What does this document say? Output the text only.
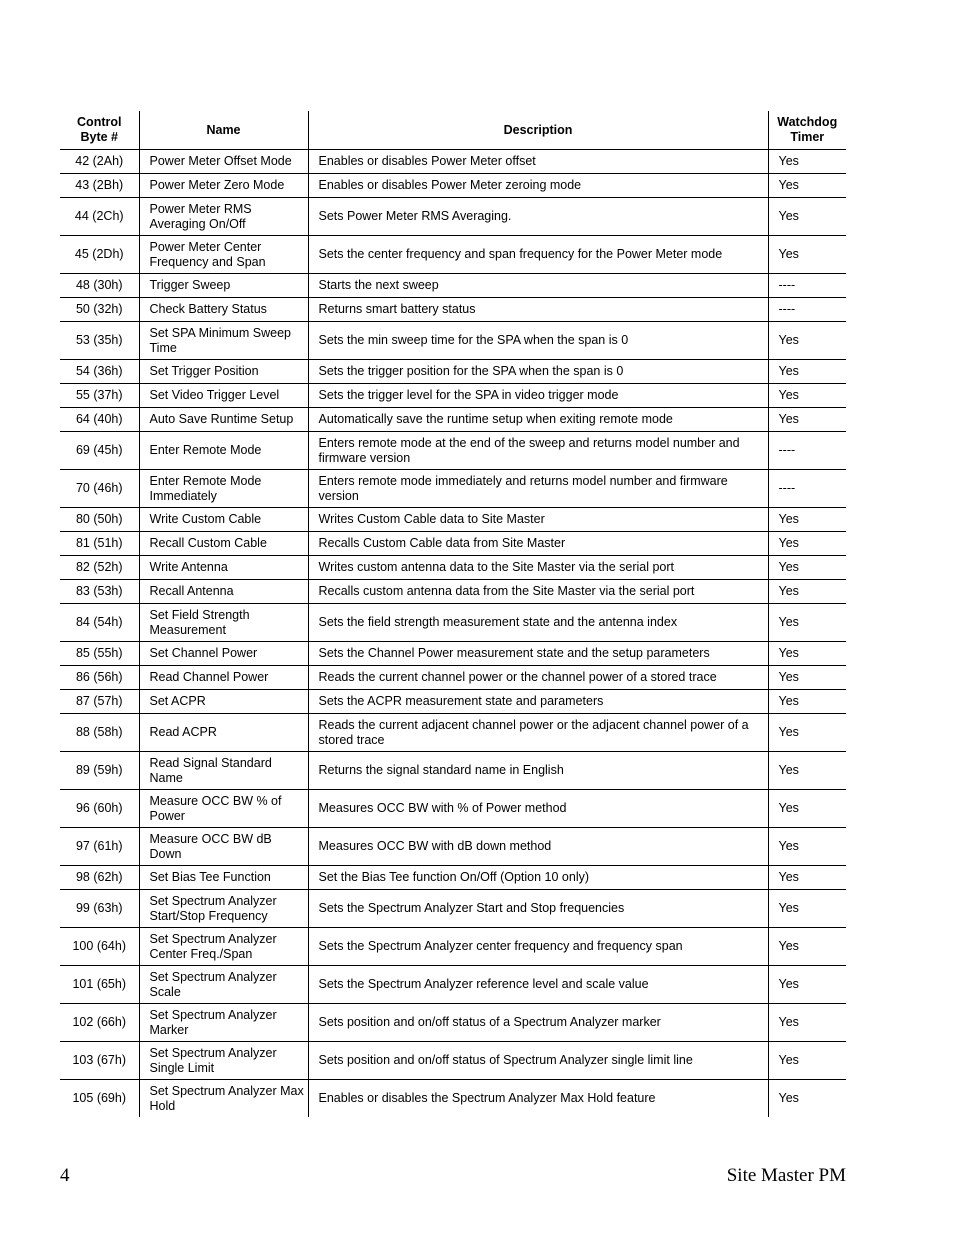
Control Byte #	Name	Description	Watchdog Timer
42 (2Ah)	Power Meter Offset Mode	Enables or disables Power Meter offset	Yes
43 (2Bh)	Power Meter Zero Mode	Enables or disables Power Meter zeroing mode	Yes
44 (2Ch)	Power Meter RMS Averaging On/Off	Sets Power Meter RMS Averaging.	Yes
45 (2Dh)	Power Meter Center Frequency and Span	Sets the center frequency and span frequency for the Power Meter mode	Yes
48 (30h)	Trigger Sweep	Starts the next sweep	----
50 (32h)	Check Battery Status	Returns smart battery status	----
53 (35h)	Set SPA Minimum Sweep Time	Sets the min sweep time for the SPA when the span is 0	Yes
54 (36h)	Set Trigger Position	Sets the trigger position for the SPA when the span is 0	Yes
55 (37h)	Set Video Trigger Level	Sets the trigger level for the SPA in video trigger mode	Yes
64 (40h)	Auto Save Runtime Setup	Automatically save the runtime setup when exiting remote mode	Yes
69 (45h)	Enter Remote Mode	Enters remote mode at the end of the sweep and returns model number and firmware version	----
70 (46h)	Enter Remote Mode Immediately	Enters remote mode immediately and returns model number and firmware version	----
80 (50h)	Write Custom Cable	Writes Custom Cable data to Site Master	Yes
81 (51h)	Recall Custom Cable	Recalls Custom Cable data from Site Master	Yes
82 (52h)	Write Antenna	Writes custom antenna data to the Site Master via the serial port	Yes
83 (53h)	Recall Antenna	Recalls custom antenna data from the Site Master via the serial port	Yes
84 (54h)	Set Field Strength Measurement	Sets the field strength measurement state and the antenna index	Yes
85 (55h)	Set Channel Power	Sets the Channel Power measurement state and the setup parameters	Yes
86 (56h)	Read Channel Power	Reads the current channel power or the channel power of a stored trace	Yes
87 (57h)	Set ACPR	Sets the ACPR measurement state and parameters	Yes
88 (58h)	Read ACPR	Reads the current adjacent channel power or the adjacent channel power of a stored trace	Yes
89 (59h)	Read Signal Standard Name	Returns the signal standard name in English	Yes
96 (60h)	Measure OCC BW % of Power	Measures OCC BW with % of Power method	Yes
97 (61h)	Measure OCC BW dB Down	Measures OCC BW with dB down method	Yes
98 (62h)	Set Bias Tee Function	Set the Bias Tee function On/Off (Option 10 only)	Yes
99 (63h)	Set Spectrum Analyzer Start/Stop Frequency	Sets the Spectrum Analyzer Start and Stop frequencies	Yes
100 (64h)	Set Spectrum Analyzer Center Freq./Span	Sets the Spectrum Analyzer center frequency and frequency span	Yes
101 (65h)	Set Spectrum Analyzer Scale	Sets the Spectrum Analyzer reference level and scale value	Yes
102 (66h)	Set Spectrum Analyzer Marker	Sets position and on/off status of a Spectrum Analyzer marker	Yes
103 (67h)	Set Spectrum Analyzer Single Limit	Sets position and on/off status of Spectrum Analyzer single limit line	Yes
105 (69h)	Set Spectrum Analyzer Max Hold	Enables or disables the Spectrum Analyzer Max Hold feature	Yes
4	Site Master PM
